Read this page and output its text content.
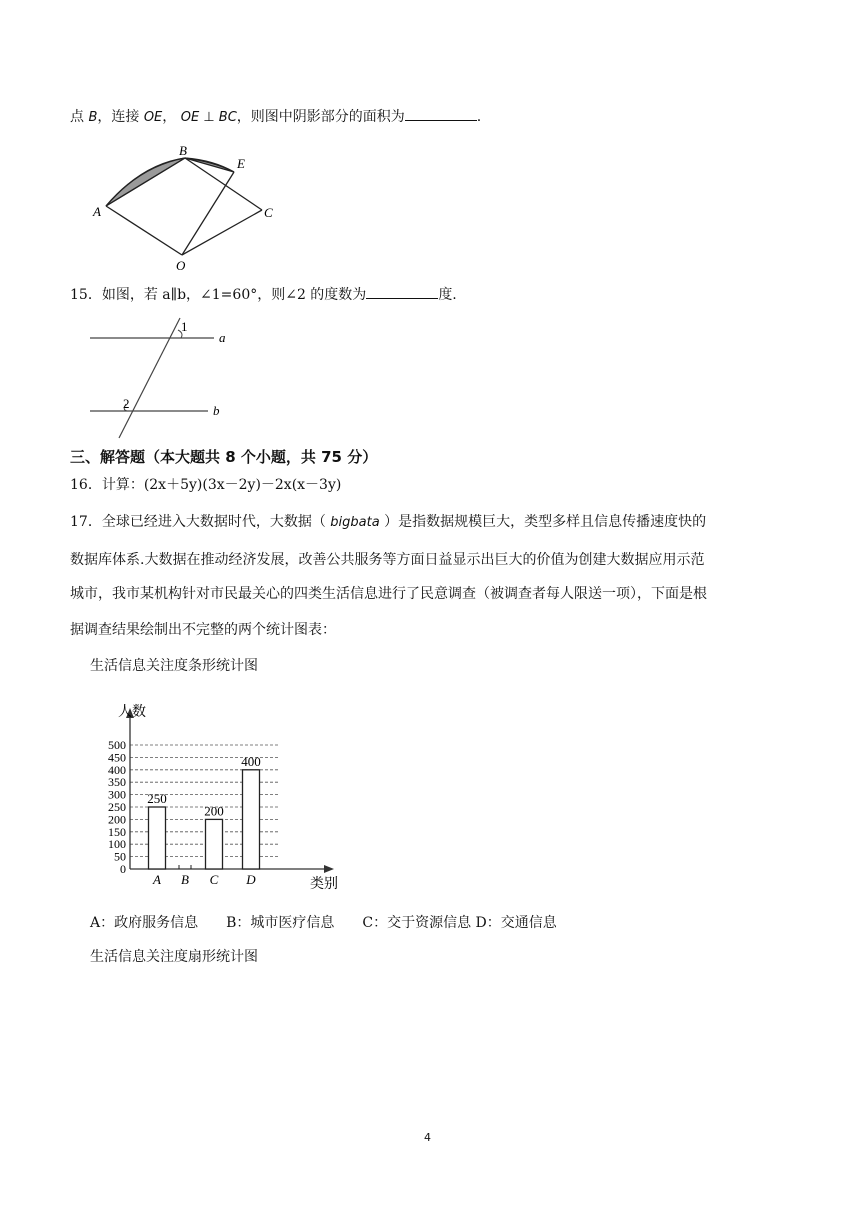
点 B，连接 OE， OE ⊥ BC，则图中阴影部分的面积为	.
A
B
E
C
O
15．如图，若 a∥b，∠1=60°，则∠2 的度数为	度.
1
2
a
b
三、解答题（本大题共 8 个小题，共 75 分）
16．计算：(2x＋5y)(3x－2y)－2x(x－3y)
17．全球已经进入大数据时代，大数据（ bigbata ）是指数据规模巨大，类型多样且信息传播速度快的
数据库体系.大数据在推动经济发展，改善公共服务等方面日益显示出巨大的价值为创建大数据应用示范
城市，我市某机构针对市民最关心的四类生活信息进行了民意调查（被调查者每人限送一项），下面是根
据调查结果绘制出不完整的两个统计图表：
生活信息关注度条形统计图
人数
类别
0
50
100
150
200
250
300
350
400
450
500
250
200
400
A B C D
A：政府服务信息　　B：城市医疗信息　　C：交于资源信息 D：交通信息
生活信息关注度扇形统计图
4
